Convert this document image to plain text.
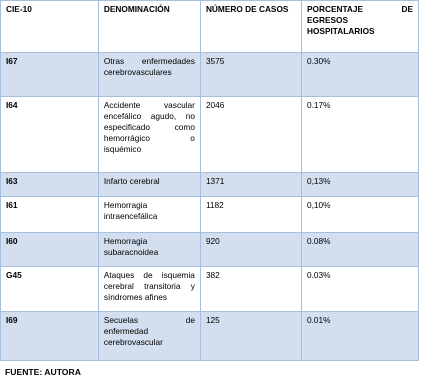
CIE-10	DENOMINACIÓN	NÚMERO DE CASOS	PORCENTAJE DE
EGRESOS HOSPITALARIOS

I67	Otras enfermedades cerebrovasculares	3575	0.30%
I64	Accidente vascular encefálico agudo, no especificado como hemorrágico o isquémico	2046	0.17%
I63	Infarto cerebral	1371	0,13%
I61	Hemorragia intraencefálica	1182	0,10%
I60	Hemorragia subaracnoidea	920	0.08%
G45	Ataques de isquemia cerebral transitoria y síndromes afines	382	0.03%
I69	Secuelas de enfermedad cerebrovascular	125	0.01%
FUENTE: AUTORA
